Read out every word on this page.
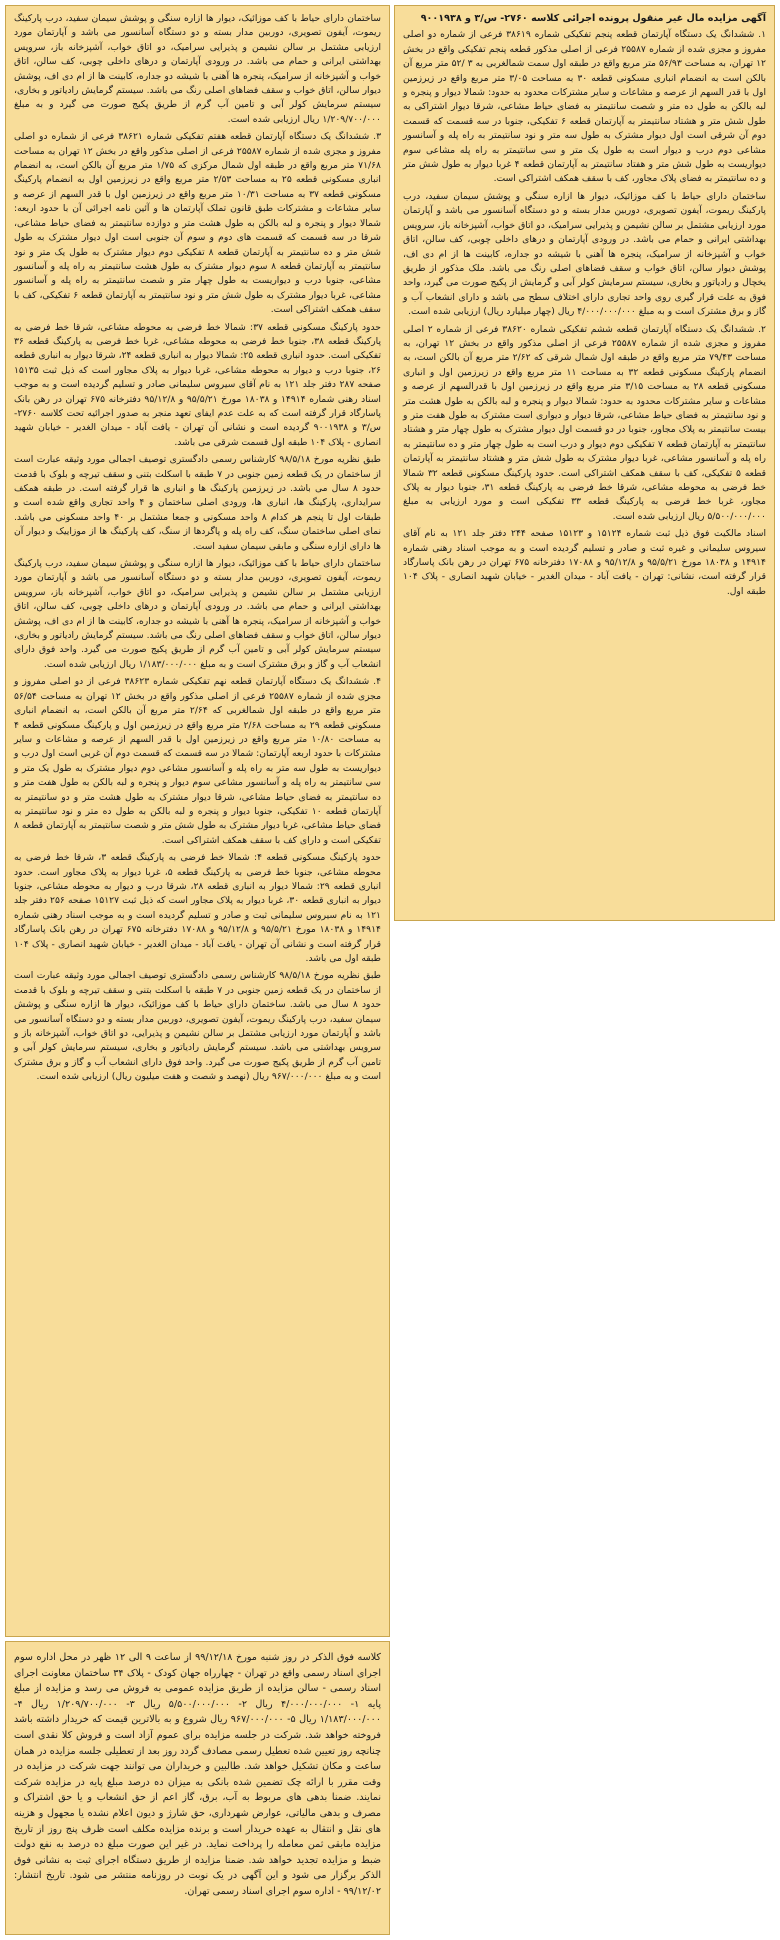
آگهی مزایده مال غیر منقول پرونده اجرائی کلاسه ۲۷۶۰- س/۳ و ۹۰۰۱۹۳۸
۱. ششدانگ یک دستگاه آپارتمان قطعه پنجم تفکیکی شماره ۳۸۶۱۹ فرعی از شماره دو اصلی مفروز و مجزی شده از شماره ۲۵۵۸۷ فرعی از اصلی مذکور قطعه پنجم تفکیکی واقع در بخش ۱۲ تهران، به مساحت ۵۶/۹۳ متر مربع واقع در طبقه اول سمت شمالغربی به ۳ /۵۲ متر مربع آن بالکن است به انضمام انباری مسکونی قطعه ۳۰ به مساحت ۳/۰۵ متر مربع واقع در زیرزمین اول با قدر السهم از عرصه و مشاعات و سایر مشترکات محدود به حدود: شمالا دیوار و پنجره و لبه بالکن به طول ده متر و شصت سانتیمتر به فضای حیاط مشاعی، شرقا دیوار اشتراکی به طول شش متر و هشتاد سانتیمتر به آپارتمان قطعه ۶ تفکیکی، جنوبا در سه قسمت که قسمت دوم آن شرقی است اول دیوار مشترک به طول سه متر و نود سانتیمتر به راه پله و آسانسور مشاعی دوم درب و دیوار است به طول یک متر و سی سانتیمتر به راه پله مشاعی سوم دیواریست به طول شش متر و هفتاد سانتیمتر به آپارتمان قطعه ۴ غربا دیوار به طول شش متر و ده سانتیمتر به فضای پلاک مجاور، کف با سقف همکف اشتراکی است.
ساختمان دارای حیاط با کف موزائیک، دیوار ها ازاره سنگی و پوشش سیمان سفید، درب پارکینگ ریموت، آیفون تصویری، دوربین مدار بسته و دو دستگاه آسانسور می باشد و آپارتمان مورد ارزیابی مشتمل بر سالن نشیمن و پذیرایی سرامیک، دو اتاق خواب، آشپزخانه باز، سرویس بهداشتی ایرانی و حمام می باشد. در ورودی آپارتمان و درهای داخلی چوبی، کف سالن، اتاق خواب و آشپزخانه از سرامیک، پنجره ها آهنی با شیشه دو جداره، کابینت ها از ام دی اف، پوشش دیوار سالن، اتاق خواب و سقف فضاهای اصلی رنگ می باشد. ملک مذکور از طریق یخچال و رادیاتور و بخاری، سیستم سرمایش کولر آبی و گرمایش از پکیج صورت می گیرد، واحد فوق به علت قرار گیری روی واحد تجاری دارای اختلاف سطح می باشد و دارای انشعاب آب و گاز و برق مشترک است و به مبلغ ۴/۰۰۰/۰۰۰/۰۰۰ ریال (چهار میلیارد ریال) ارزیابی شده است.
۲. ششدانگ یک دستگاه آپارتمان قطعه ششم تفکیکی شماره ۳۸۶۲۰ فرعی از شماره ۲ اصلی مفروز و مجزی شده از شماره ۲۵۵۸۷ فرعی از اصلی مذکور واقع در بخش ۱۲ تهران، به مساحت ۷۹/۴۳ متر مربع واقع در طبقه اول شمال شرقی که ۲/۶۲ متر مربع آن بالکن است، به انضمام پارکینگ مسکونی قطعه ۳۲ به مساحت ۱۱ متر مربع واقع در زیرزمین اول و انباری مسکونی قطعه ۲۸ به مساحت ۳/۱۵ متر مربع واقع در زیرزمین اول با قدرالسهم از عرصه و مشاعات و سایر مشترکات محدود به حدود: شمالا دیوار و پنجره و لبه بالکن به طول هشت متر و نود سانتیمتر به فضای حیاط مشاعی، شرقا دیوار و دیواری است مشترک به طول هفت متر و بیست سانتیمتر به پلاک مجاور، جنوبا در دو قسمت اول دیوار مشترک به طول چهار متر و هشتاد سانتیمتر به آپارتمان قطعه ۷ تفکیکی دوم دیوار و درب است به طول چهار متر و ده سانتیمتر به راه پله و آسانسور مشاعی، غربا دیوار مشترک به طول شش متر و هشتاد سانتیمتر به آپارتمان قطعه ۵ تفکیکی، کف با سقف همکف اشتراکی است. حدود پارکینگ مسکونی قطعه ۳۲ شمالا خط فرضی به محوطه مشاعی، شرقا خط فرضی به پارکینگ قطعه ۳۱، جنوبا دیوار به پلاک مجاور، غربا خط فرضی به پارکینگ قطعه ۳۳ تفکیکی است و مورد ارزیابی به مبلغ ۵/۵۰۰/۰۰۰/۰۰۰ ریال ارزیابی شده است.
اسناد مالکیت فوق ذیل ثبت شماره ۱۵۱۲۴ و ۱۵۱۲۳ صفحه ۲۴۴ دفتر جلد ۱۲۱ به نام آقای سیروس سلیمانی و غیره ثبت و صادر و تسلیم گردیده است و به موجب اسناد رهنی شماره ۱۴۹۱۴ و ۱۸۰۳۸ مورخ ۹۵/۵/۲۱ و ۹۵/۱۲/۸ و ۱۷۰۸۸ دفترخانه ۶۷۵ تهران در رهن بانک پاسارگاد قرار گرفته است، نشانی: تهران - یافت آباد - میدان الغدیر - خیابان شهید انصاری - پلاک ۱۰۴ طبقه اول.
ساختمان دارای حیاط با کف موزائیک، دیوار ها ازاره سنگی و پوشش سیمان سفید، درب پارکینگ ریموت، آیفون تصویری، دوربین مدار بسته و دو دستگاه آسانسور می باشد و آپارتمان مورد ارزیابی مشتمل بر سالن نشیمن و پذیرایی سرامیک، دو اتاق خواب، آشپزخانه باز، سرویس بهداشتی ایرانی و حمام می باشد. در ورودی آپارتمان و درهای داخلی چوبی، کف سالن، اتاق خواب و آشپزخانه از سرامیک، پنجره ها آهنی با شیشه دو جداره، کابینت ها از ام دی اف، پوشش دیوار سالن، اتاق خواب و سقف فضاهای اصلی رنگ می باشد. سیستم گرمایش رادیاتور و بخاری، سیستم سرمایش کولر آبی و تامین آب گرم از طریق پکیج صورت می گیرد و به مبلغ ۱/۲۰۹/۷۰۰/۰۰۰ ریال ارزیابی شده است.
۳. ششدانگ یک دستگاه آپارتمان قطعه هفتم تفکیکی شماره ۳۸۶۲۱ فرعی از شماره دو اصلی مفروز و مجزی شده از شماره ۲۵۵۸۷ فرعی از اصلی مذکور واقع در بخش ۱۲ تهران به مساحت ۷۱/۶۸ متر مربع واقع در طبقه اول شمال مرکزی که ۱/۷۵ متر مربع آن بالکن است، به انضمام انباری مسکونی قطعه ۲۵ به مساحت ۲/۵۳ متر مربع واقع در زیرزمین اول به انضمام پارکینگ مسکونی قطعه ۳۷ به مساحت ۱۰/۳۱ متر مربع واقع در زیرزمین اول با قدر السهم از عرصه و سایر مشاعات و مشترکات طبق قانون تملک آپارتمان ها و آئین نامه اجرائی آن با حدود اربعه: شمالا دیوار و پنجره و لبه بالکن به طول هشت متر و دوازده سانتیمتر به فضای حیاط مشاعی، شرقا در سه قسمت که قسمت های دوم و سوم آن جنوبی است اول دیوار مشترک به طول شش متر و ده سانتیمتر به آپارتمان قطعه ۸ تفکیکی دوم دیوار مشترک به طول یک متر و نود سانتیمتر به آپارتمان قطعه ۸ سوم دیوار مشترک به طول هشت سانتیمتر به راه پله و آسانسور مشاعی، جنوبا درب و دیواریست به طول چهار متر و شصت سانتیمتر به راه پله و آسانسور مشاعی، غربا دیوار مشترک به طول شش متر و نود سانتیمتر به آپارتمان قطعه ۶ تفکیکی، کف با سقف همکف اشتراکی است.
حدود پارکینگ مسکونی قطعه ۳۷: شمالا خط فرضی به محوطه مشاعی، شرقا خط فرضی به پارکینگ قطعه ۳۸، جنوبا خط فرضی به محوطه مشاعی، غربا خط فرضی به پارکینگ قطعه ۳۶ تفکیکی است. حدود انباری قطعه ۲۵: شمالا دیوار به انباری قطعه ۲۴، شرقا دیوار به انباری قطعه ۲۶، جنوبا درب و دیوار به محوطه مشاعی، غربا دیوار به پلاک مجاور است که ذیل ثبت ۱۵۱۳۵ صفحه ۲۸۷ دفتر جلد ۱۲۱ به نام آقای سیروس سلیمانی صادر و تسلیم گردیده است و به موجب اسناد رهنی شماره ۱۴۹۱۴ و ۱۸۰۳۸ مورخ ۹۵/۵/۲۱ و ۹۵/۱۲/۸ دفترخانه ۶۷۵ تهران در رهن بانک پاسارگاد قرار گرفته است که به علت عدم ایفای تعهد منجر به صدور اجرائیه تحت کلاسه ۲۷۶۰- س/۳ و ۹۰۰۱۹۳۸ گردیده است و نشانی آن تهران - یافت آباد - میدان الغدیر - خیابان شهید انصاری - پلاک ۱۰۴ طبقه اول قسمت شرقی می باشد.
طبق نظریه مورخ ۹۸/۵/۱۸ کارشناس رسمی دادگستری توصیف اجمالی مورد وثیقه عبارت است از ساختمان در یک قطعه زمین جنوبی در ۷ طبقه با اسکلت بتنی و سقف تیرچه و بلوک با قدمت حدود ۸ سال می باشد. در زیرزمین پارکینگ ها و انباری ها قرار گرفته است. در طبقه همکف سرایداری، پارکینگ ها، انباری ها، ورودی اصلی ساختمان و ۴ واحد تجاری واقع شده است و طبقات اول تا پنجم هر کدام ۸ واحد مسکونی و جمعا مشتمل بر ۴۰ واحد مسکونی می باشد. نمای اصلی ساختمان سنگ، کف راه پله و پاگردها از سنگ، کف پارکینگ ها از موزاییک و دیوار آن ها دارای ازاره سنگی و مابقی سیمان سفید است.
ساختمان دارای حیاط با کف موزائیک، دیوار ها ازاره سنگی و پوشش سیمان سفید، درب پارکینگ ریموت، آیفون تصویری، دوربین مدار بسته و دو دستگاه آسانسور می باشد و آپارتمان مورد ارزیابی مشتمل بر سالن نشیمن و پذیرایی سرامیک، دو اتاق خواب، آشپزخانه باز، سرویس بهداشتی ایرانی و حمام می باشد. در ورودی آپارتمان و درهای داخلی چوبی، کف سالن، اتاق خواب و آشپزخانه از سرامیک، پنجره ها آهنی با شیشه دو جداره، کابینت ها از ام دی اف، پوشش دیوار سالن، اتاق خواب و سقف فضاهای اصلی رنگ می باشد. سیستم گرمایش رادیاتور و بخاری، سیستم سرمایش کولر آبی و تامین آب گرم از طریق پکیج صورت می گیرد. واحد فوق دارای انشعاب آب و گاز و برق مشترک است و به مبلغ ۱/۱۸۳/۰۰۰/۰۰۰ ریال ارزیابی شده است.
۴. ششدانگ یک دستگاه آپارتمان قطعه نهم تفکیکی شماره ۳۸۶۲۳ فرعی از دو اصلی مفروز و مجزی شده از شماره ۲۵۵۸۷ فرعی از اصلی مذکور واقع در بخش ۱۲ تهران به مساحت ۵۶/۵۴ متر مربع واقع در طبقه اول شمالغربی که ۲/۶۴ متر مربع آن بالکن است، به انضمام انباری مسکونی قطعه ۲۹ به مساحت ۲/۶۸ متر مربع واقع در زیرزمین اول و پارکینگ مسکونی قطعه ۴ به مساحت ۱۰/۸۰ متر مربع واقع در زیرزمین اول با قدر السهم از عرصه و مشاعات و سایر مشترکات با حدود اربعه آپارتمان: شمالا در سه قسمت که قسمت دوم آن غربی است اول درب و دیواریست به طول سه متر به راه پله و آسانسور مشاعی دوم دیوار مشترک به طول یک متر و سی سانتیمتر به راه پله و آسانسور مشاعی سوم دیوار و پنجره و لبه بالکن به طول هفت متر و ده سانتیمتر به فضای حیاط مشاعی، شرقا دیوار مشترک به طول هشت متر و دو سانتیمتر به آپارتمان قطعه ۱۰ تفکیکی، جنوبا دیوار و پنجره و لبه بالکن به طول ده متر و نود سانتیمتر به فضای حیاط مشاعی، غربا دیوار مشترک به طول شش متر و شصت سانتیمتر به آپارتمان قطعه ۸ تفکیکی است و دارای کف با سقف همکف اشتراکی است.
حدود پارکینگ مسکونی قطعه ۴: شمالا خط فرضی به پارکینگ قطعه ۳، شرقا خط فرضی به محوطه مشاعی، جنوبا خط فرضی به پارکینگ قطعه ۵، غربا دیوار به پلاک مجاور است. حدود انباری قطعه ۲۹: شمالا دیوار به انباری قطعه ۲۸، شرقا درب و دیوار به محوطه مشاعی، جنوبا دیوار به انباری قطعه ۳۰، غربا دیوار به پلاک مجاور است که ذیل ثبت ۱۵۱۲۷ صفحه ۲۵۶ دفتر جلد ۱۲۱ به نام سیروس سلیمانی ثبت و صادر و تسلیم گردیده است و به موجب اسناد رهنی شماره ۱۴۹۱۴ و ۱۸۰۳۸ مورخ ۹۵/۵/۲۱ و ۹۵/۱۲/۸ و ۱۷۰۸۸ دفترخانه ۶۷۵ تهران در رهن بانک پاسارگاد قرار گرفته است و نشانی آن تهران - یافت آباد - میدان الغدیر - خیابان شهید انصاری - پلاک ۱۰۴ طبقه اول می باشد.
طبق نظریه مورخ ۹۸/۵/۱۸ کارشناس رسمی دادگستری توصیف اجمالی مورد وثیقه عبارت است از ساختمان در یک قطعه زمین جنوبی در ۷ طبقه با اسکلت بتنی و سقف تیرچه و بلوک با قدمت حدود ۸ سال می باشد. ساختمان دارای حیاط با کف موزائیک، دیوار ها ازاره سنگی و پوشش سیمان سفید، درب پارکینگ ریموت، آیفون تصویری، دوربین مدار بسته و دو دستگاه آسانسور می باشد و آپارتمان مورد ارزیابی مشتمل بر سالن نشیمن و پذیرایی، دو اتاق خواب، آشپزخانه باز و سرویس بهداشتی می باشد. سیستم گرمایش رادیاتور و بخاری، سیستم سرمایش کولر آبی و تامین آب گرم از طریق پکیج صورت می گیرد. واحد فوق دارای انشعاب آب و گاز و برق مشترک است و به مبلغ ۹۶۷/۰۰۰/۰۰۰ ریال (نهصد و شصت و هفت میلیون ریال) ارزیابی شده است.
کلاسه فوق الذکر در روز شنبه مورخ ۹۹/۱۲/۱۸ از ساعت ۹ الی ۱۲ ظهر در محل اداره سوم اجرای اسناد رسمی واقع در تهران - چهارراه جهان کودک - پلاک ۳۴ ساختمان معاونت اجرای اسناد رسمی - سالن مزایده از طریق مزایده عمومی به فروش می رسد و مزایده از مبلغ پایه ۱- ۴/۰۰۰/۰۰۰/۰۰۰ ریال ۲- ۵/۵۰۰/۰۰۰/۰۰۰ ریال ۳- ۱/۲۰۹/۷۰۰/۰۰۰ ریال ۴- ۱/۱۸۳/۰۰۰/۰۰۰ ریال ۵- ۹۶۷/۰۰۰/۰۰۰ ریال شروع و به بالاترین قیمت که خریدار داشته باشد فروخته خواهد شد. شرکت در جلسه مزایده برای عموم آزاد است و فروش کلا نقدی است چنانچه روز تعیین شده تعطیل رسمی مصادف گردد روز بعد از تعطیلی جلسه مزایده در همان ساعت و مکان تشکیل خواهد شد. طالبین و خریداران می توانند جهت شرکت در مزایده در وقت مقرر با ارائه چک تضمین شده بانکی به میزان ده درصد مبلغ پایه در مزایده شرکت نمایند. ضمنا بدهی های مربوط به آب، برق، گاز اعم از حق انشعاب و یا حق اشتراک و مصرف و بدهی مالیاتی، عوارض شهرداری، حق شارژ و دیون اعلام نشده یا مجهول و هزینه های نقل و انتقال به عهده خریدار است و برنده مزایده مکلف است ظرف پنج روز از تاریخ مزایده مابقی ثمن معامله را پرداخت نماید. در غیر این صورت مبلغ ده درصد به نفع دولت ضبط و مزایده تجدید خواهد شد. ضمنا مزایده از طریق دستگاه اجرای ثبت به نشانی فوق الذکر برگزار می شود و این آگهی در یک نوبت در روزنامه منتشر می شود. تاریخ انتشار: ۹۹/۱۲/۰۲ - اداره سوم اجرای اسناد رسمی تهران.
